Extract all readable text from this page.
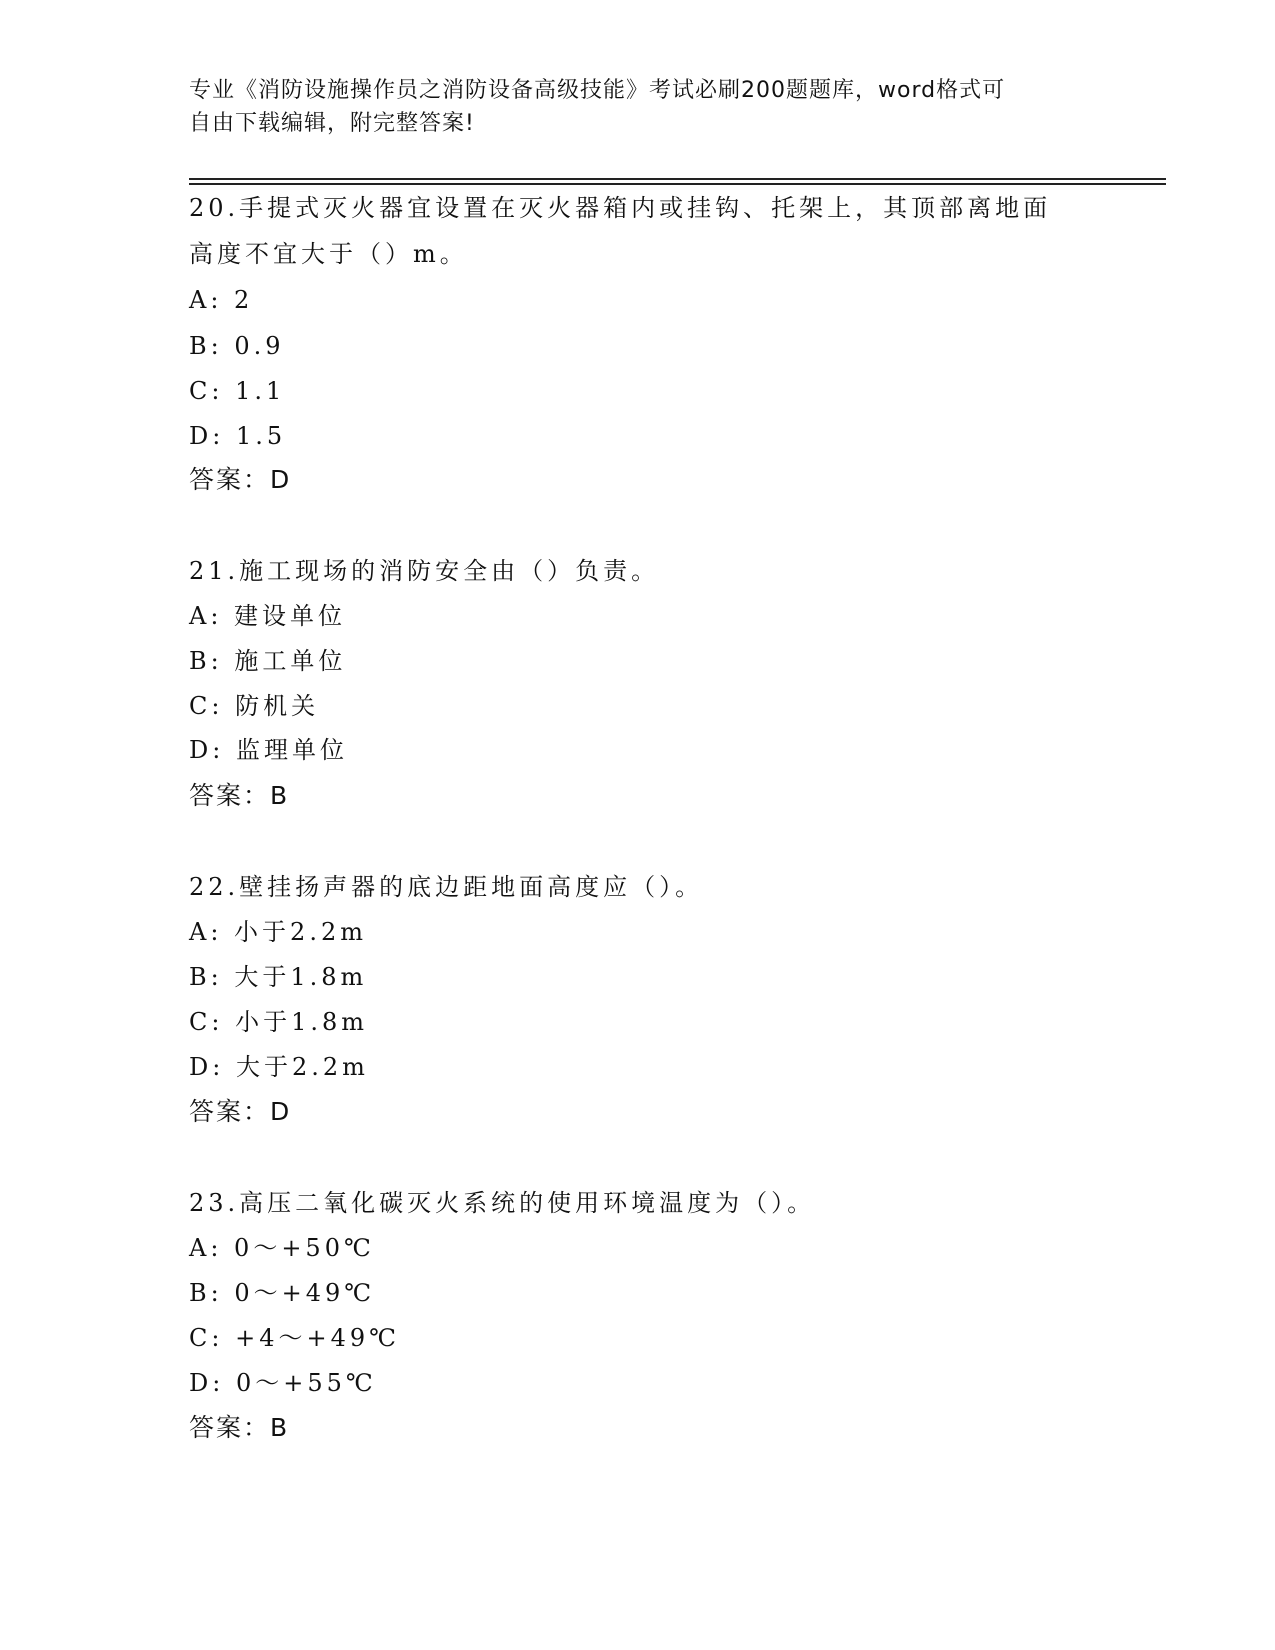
专业《消防设施操作员之消防设备高级技能》考试必刷200题题库，word格式可
自由下载编辑，附完整答案!
20.手提式灭火器宜设置在灭火器箱内或挂钩、托架上，其顶部离地面
高度不宜大于（）m。
A: 2
B: 0.9
C: 1.1
D: 1.5
答案：D
21.施工现场的消防安全由（）负责。
A: 建设单位
B: 施工单位
C: 防机关
D: 监理单位
答案：B
22.壁挂扬声器的底边距地面高度应（）。
A: 小于2.2m
B: 大于1.8m
C: 小于1.8m
D: 大于2.2m
答案：D
23.高压二氧化碳灭火系统的使用环境温度为（）。
A: 0～+50℃
B: 0～+49℃
C: +4～+49℃
D: 0～+55℃
答案：B
